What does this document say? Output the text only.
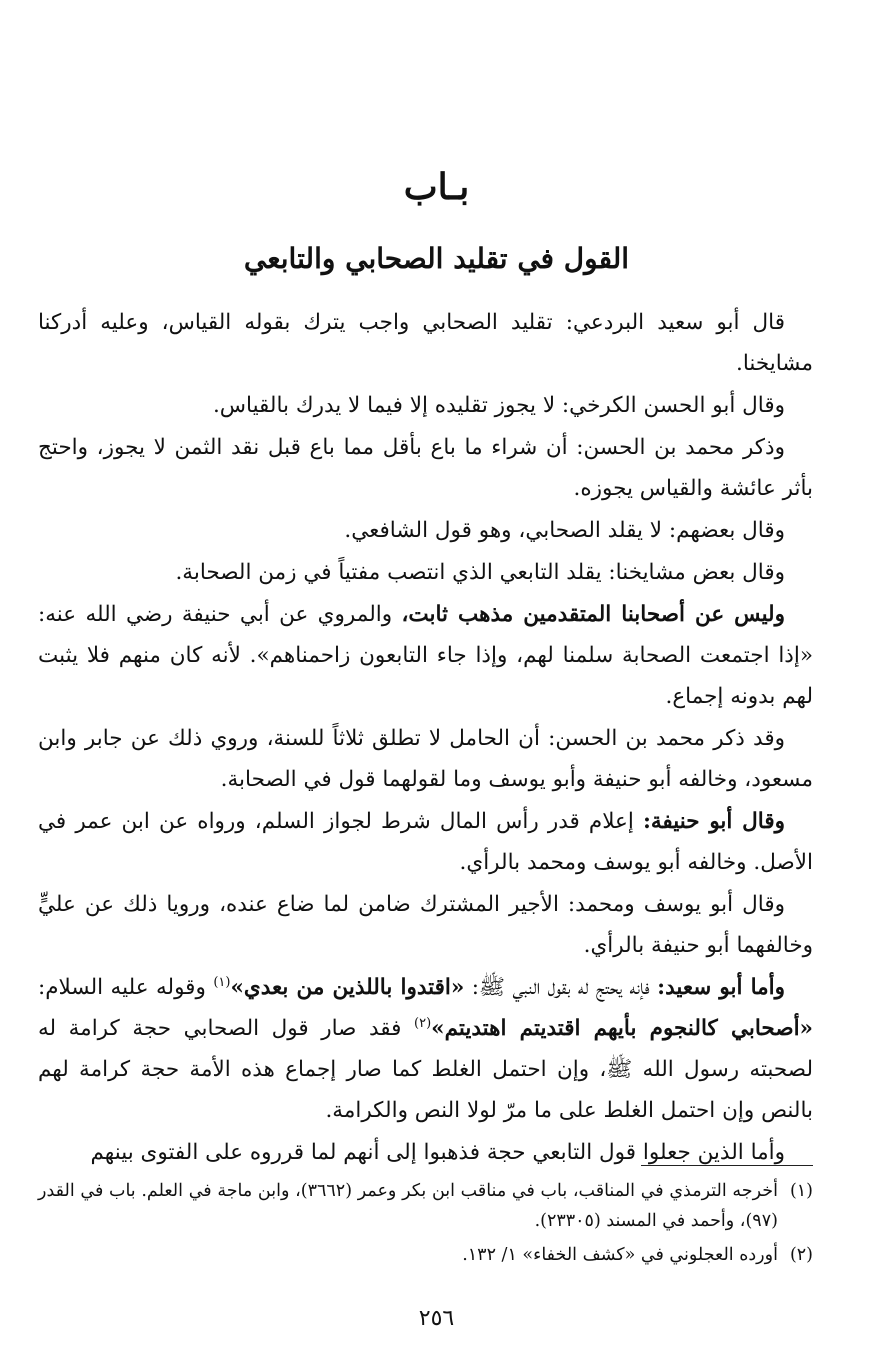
بـاب
القول في تقليد الصحابي والتابعي

قال أبو سعيد البردعي: تقليد الصحابي واجب يترك بقوله القياس، وعليه أدركنا مشايخنا.

وقال أبو الحسن الكرخي: لا يجوز تقليده إلا فيما لا يدرك بالقياس.

وذكر محمد بن الحسن: أن شراء ما باع بأقل مما باع قبل نقد الثمن لا يجوز، واحتج بأثر عائشة والقياس يجوزه.

وقال بعضهم: لا يقلد الصحابي، وهو قول الشافعي.

وقال بعض مشايخنا: يقلد التابعي الذي انتصب مفتياً في زمن الصحابة.

وليس عن أصحابنا المتقدمين مذهب ثابت، والمروي عن أبي حنيفة رضي الله عنه: «إذا اجتمعت الصحابة سلمنا لهم، وإذا جاء التابعون زاحمناهم». لأنه كان منهم فلا يثبت لهم بدونه إجماع.

وقد ذكر محمد بن الحسن: أن الحامل لا تطلق ثلاثاً للسنة، وروي ذلك عن جابر وابن مسعود، وخالفه أبو حنيفة وأبو يوسف وما لقولهما قول في الصحابة.

وقال أبو حنيفة: إعلام قدر رأس المال شرط لجواز السلم، ورواه عن ابن عمر في الأصل. وخالفه أبو يوسف ومحمد بالرأي.

وقال أبو يوسف ومحمد: الأجير المشترك ضامن لما ضاع عنده، ورويا ذلك عن عليٍّ وخالفهما أبو حنيفة بالرأي.

وأما أبو سعيد: فإنه يحتج له بقول النبي ﷺ: «اقتدوا باللذين من بعدي»$^{(١)}$ وقوله عليه السلام: «أصحابي كالنجوم بأيهم اقتديتم اهتديتم»$^{(٢)}$ فقد صار قول الصحابي حجة كرامة له لصحبته رسول الله ﷺ، وإن احتمل الغلط كما صار إجماع هذه الأمة حجة كرامة لهم بالنص وإن احتمل الغلط على ما مرّ لولا النص والكرامة.

وأما الذين جعلوا قول التابعي حجة فذهبوا إلى أنهم لما قرروه على الفتوى بينهم

(١)
أخرجه الترمذي في المناقب، باب في مناقب ابن بكر وعمر (٣٦٦٢)، وابن ماجة في العلم. باب في القدر (٩٧)، وأحمد في المسند (٢٣٣٠٥).
(٢)
أورده العجلوني في «كشف الخفاء» ١/ ١٣٢.
٢٥٦
